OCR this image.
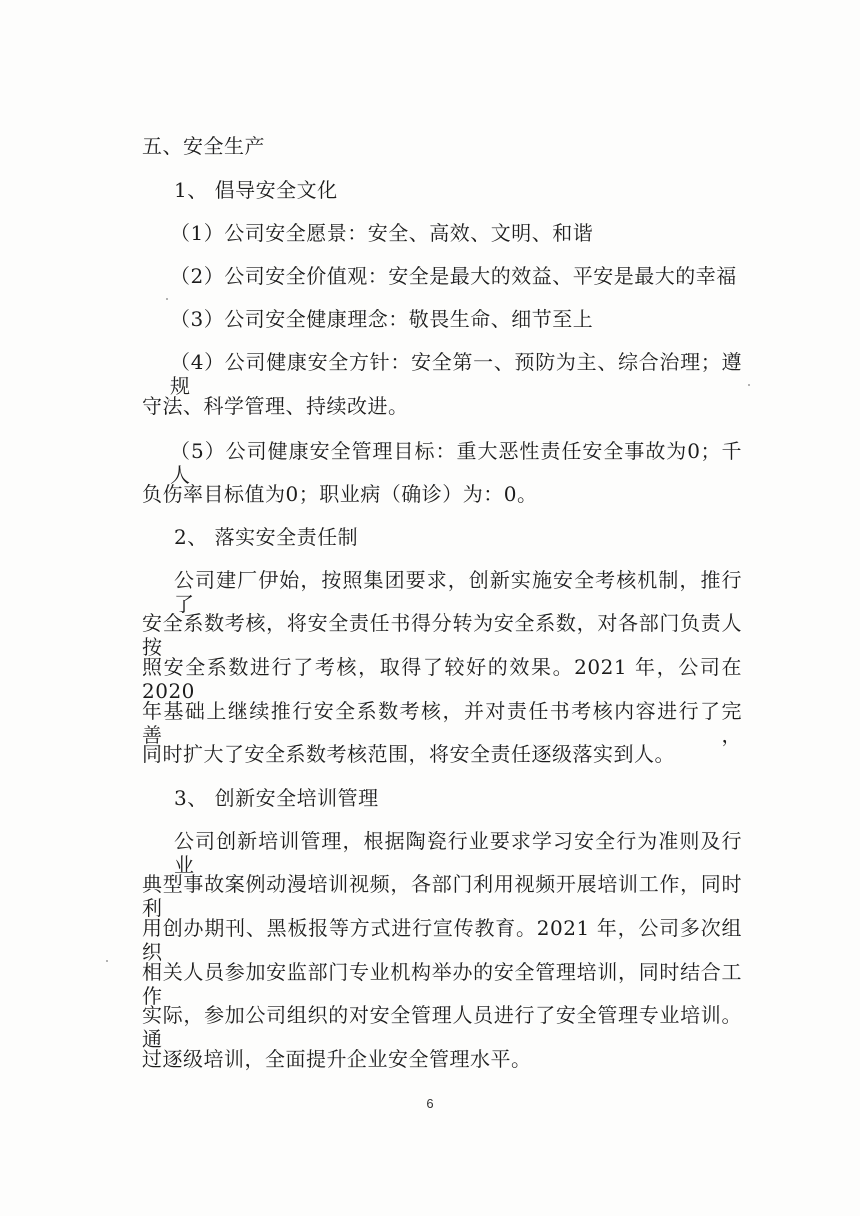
五、安全生产
1、 倡导安全文化
（1）公司安全愿景：安全、高效、文明、和谐
（2）公司安全价值观：安全是最大的效益、平安是最大的幸福
（3）公司安全健康理念：敬畏生命、细节至上
（4）公司健康安全方针：安全第一、预防为主、综合治理；遵规
守法、科学管理、持续改进。
（5）公司健康安全管理目标：重大恶性责任安全事故为0；千人
负伤率目标值为0；职业病（确诊）为：0。
2、 落实安全责任制
公司建厂伊始，按照集团要求，创新实施安全考核机制，推行了
安全系数考核，将安全责任书得分转为安全系数，对各部门负责人按
照安全系数进行了考核，取得了较好的效果。2021 年，公司在 2020
年基础上继续推行安全系数考核，并对责任书考核内容进行了完善，
同时扩大了安全系数考核范围，将安全责任逐级落实到人。
3、 创新安全培训管理
公司创新培训管理，根据陶瓷行业要求学习安全行为准则及行业
典型事故案例动漫培训视频，各部门利用视频开展培训工作，同时利
用创办期刊、黑板报等方式进行宣传教育。2021 年，公司多次组织
相关人员参加安监部门专业机构举办的安全管理培训，同时结合工作
实际，参加公司组织的对安全管理人员进行了安全管理专业培训。通
过逐级培训，全面提升企业安全管理水平。
6
